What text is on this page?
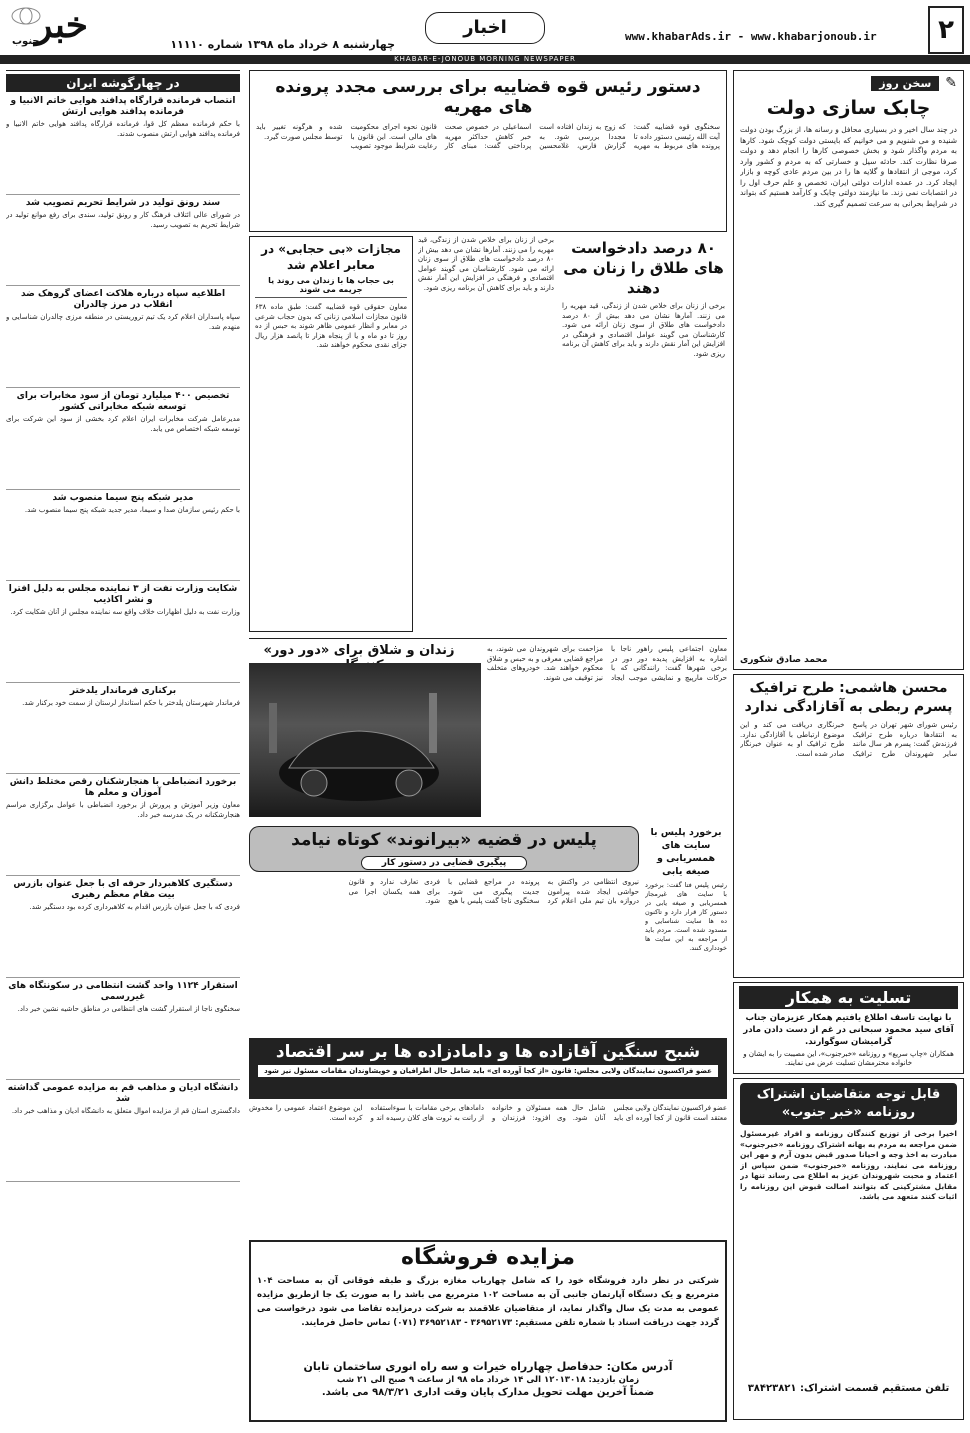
۲
www.khabarAds.ir - www.khabarjonoub.ir
اخبار
چهارشنبه ۸ خرداد ماه ۱۳۹۸ شماره ۱۱۱۱۰
خبر
جنوب
KHABAR-E-JONOUB MORNING NEWSPAPER
✎
سخن روز
چابک سازی دولت
در چند سال اخیر و در بسیاری محافل و رسانه ها، از بزرگ بودن دولت شنیده و می شنویم و می خوانیم که بایستی دولت کوچک شود. کارها به مردم واگذار شود و بخش خصوصی کارها را انجام دهد و دولت صرفا نظارت کند. حادثه سیل و خسارتی که به مردم و کشور وارد کرد، موجی از انتقادها و گلایه ها را در بین مردم عادی کوچه و بازار ایجاد کرد. در عمده ادارات دولتی ایران، تخصص و علم حرف اول را در انتصابات نمی زند. ما نیازمند دولتی چابک و کارآمد هستیم که بتواند در شرایط بحرانی به سرعت تصمیم گیری کند.
محمد صادق شکوری
محسن هاشمی: طرح ترافیک پسرم ربطی به آقازادگی ندارد
رئیس شورای شهر تهران در پاسخ به انتقادها درباره طرح ترافیک فرزندش گفت: پسرم هر سال مانند سایر شهروندان طرح ترافیک خبرنگاری دریافت می کند و این موضوع ارتباطی با آقازادگی ندارد. طرح ترافیک او به عنوان خبرنگار صادر شده است.
تسلیت به همکار
با نهایت تاسف اطلاع یافتیم همکار عزیزمان جناب آقای سید محمود سبحانی در غم از دست دادن مادر گرامیشان سوگوارند.
همکاران «چاپ سریع» و روزنامه «خبرجنوب»، این مصیبت را به ایشان و خانواده محترمشان تسلیت عرض می نمایند.
قابل توجه متقاضیان اشتراک روزنامه «خبر جنوب»
اخیرا برخی از توزیع کنندگان روزنامه و افراد غیرمسئول ضمن مراجعه به مردم به بهانه اشتراک روزنامه «خبرجنوب» مبادرت به اخذ وجه و احیانا صدور قبض بدون آرم و مهر این روزنامه می نمایند. روزنامه «خبرجنوب» ضمن سپاس از اعتماد و محبت شهروندان عزیز به اطلاع می رساند تنها در مقابل مشترکینی که بتوانند اصالت قبوض این روزنامه را اثبات کنند متعهد می باشد.
تلفن مستقیم قسمت اشتراک: ۳۸۴۲۳۸۲۱
در چهارگوشه ایران
انتصاب فرمانده قرارگاه پدافند هوایی خاتم الانبیا و فرمانده پدافند هوایی ارتش
با حکم فرمانده معظم کل قوا، فرمانده قرارگاه پدافند هوایی خاتم الانبیا و فرمانده پدافند هوایی ارتش منصوب شدند.
سند رونق تولید در شرایط تحریم تصویب شد
در شورای عالی ائتلاف فرهنگ کار و رونق تولید، سندی برای رفع موانع تولید در شرایط تحریم به تصویب رسید.
اطلاعیه سپاه درباره هلاکت اعضای گروهک ضد انقلاب در مرز چالدران
سپاه پاسداران اعلام کرد یک تیم تروریستی در منطقه مرزی چالدران شناسایی و منهدم شد.
تخصیص ۴۰۰ میلیارد تومان از سود مخابرات برای توسعه شبکه مخابراتی کشور
مدیرعامل شرکت مخابرات ایران اعلام کرد بخشی از سود این شرکت برای توسعه شبکه اختصاص می یابد.
مدیر شبکه پنج سیما منصوب شد
با حکم رئیس سازمان صدا و سیما، مدیر جدید شبکه پنج سیما منصوب شد.
شکایت وزارت نفت از ۳ نماینده مجلس به دلیل افترا و نشر اکاذیب
وزارت نفت به دلیل اظهارات خلاف واقع سه نماینده مجلس از آنان شکایت کرد.
برکناری فرماندار یلدختر
فرماندار شهرستان پلدختر با حکم استاندار لرستان از سمت خود برکنار شد.
برخورد انضباطی با هنجارشکنان رقص مختلط دانش آموزان و معلم ها
معاون وزیر آموزش و پرورش از برخورد انضباطی با عوامل برگزاری مراسم هنجارشکنانه در یک مدرسه خبر داد.
دستگیری کلاهبردار حرفه ای با جعل عنوان بازرس بیت مقام معظم رهبری
فردی که با جعل عنوان بازرس اقدام به کلاهبرداری کرده بود دستگیر شد.
استقرار ۱۱۲۴ واحد گشت انتظامی در سکونتگاه های غیررسمی
سخنگوی ناجا از استقرار گشت های انتظامی در مناطق حاشیه نشین خبر داد.
دانشگاه ادیان و مذاهب قم به مزایده عمومی گذاشته شد
دادگستری استان قم از مزایده اموال متعلق به دانشگاه ادیان و مذاهب خبر داد.
دستور رئیس قوه قضاییه برای بررسی مجدد پرونده های مهریه
سخنگوی قوه قضاییه گفت: آیت الله رئیسی دستور داده تا پرونده های مربوط به مهریه که زوج به زندان افتاده است مجددا بررسی شود. به گزارش فارس، غلامحسین اسماعیلی در خصوص صحت خبر کاهش حداکثر مهریه پرداختی گفت: مبنای کار قانون نحوه اجرای محکومیت های مالی است. این قانون با رعایت شرایط موجود تصویب شده و هرگونه تغییر باید توسط مجلس صورت گیرد.
۸۰ درصد دادخواست های طلاق را زنان می دهند
برخی از زنان برای خلاص شدن از زندگی، قید مهریه را می زنند. آمارها نشان می دهد بیش از ۸۰ درصد دادخواست های طلاق از سوی زنان ارائه می شود. کارشناسان می گویند عوامل اقتصادی و فرهنگی در افزایش این آمار نقش دارند و باید برای کاهش آن برنامه ریزی شود.
برخی از زنان برای خلاص شدن از زندگی، قید مهریه را می زنند. آمارها نشان می دهد بیش از ۸۰ درصد دادخواست های طلاق از سوی زنان ارائه می شود. کارشناسان می گویند عوامل اقتصادی و فرهنگی در افزایش این آمار نقش دارند و باید برای کاهش آن برنامه ریزی شود.
مجازات «بی حجابی» در معابر اعلام شد
بی حجاب ها با زندان می روند یا جریمه می شوند
معاون حقوقی قوه قضاییه گفت: طبق ماده ۶۳۸ قانون مجازات اسلامی زنانی که بدون حجاب شرعی در معابر و انظار عمومی ظاهر شوند به حبس از ده روز تا دو ماه و یا از پنجاه هزار تا پانصد هزار ریال جزای نقدی محکوم خواهند شد.
زندان و شلاق برای «دور دور»	معاون اجتماعی پلیس راهور ناجا با اشاره به افزایش پدیده دور دور در برخی شهرها گفت: رانندگانی که با حرکات مارپیچ و نمایشی موجب ایجاد مزاحمت برای شهروندان می شوند، به مراجع قضایی معرفی و به حبس و شلاق محکوم خواهند شد. خودروهای متخلف نیز توقیف می شوند.
برخورد پلیس با سایت های همسریابی و صیغه یابی
رئیس پلیس فتا گفت: برخورد با سایت های غیرمجاز همسریابی و صیغه یابی در دستور کار قرار دارد و تاکنون ده ها سایت شناسایی و مسدود شده است. مردم باید از مراجعه به این سایت ها خودداری کنند.
پلیس در قضیه «بیرانوند» کوتاه نیامد
پیگیری قضایی در دستور کار
نیروی انتظامی در واکنش به حواشی ایجاد شده پیرامون دروازه بان تیم ملی اعلام کرد پرونده در مراجع قضایی با جدیت پیگیری می شود. سخنگوی ناجا گفت پلیس با هیچ فردی تعارف ندارد و قانون برای همه یکسان اجرا می شود.
شبح سنگین آقازاده ها و دامادزاده ها بر سر اقتصاد
عضو فراکسیون نمایندگان ولایی مجلس: قانون «از کجا آورده ای» باید شامل حال اطرافیان و خویشاوندان مقامات مسئول نیز شود
عضو فراکسیون نمایندگان ولایی مجلس معتقد است قانون از کجا آورده ای باید شامل حال همه مسئولان و خانواده آنان شود. وی افزود: فرزندان و دامادهای برخی مقامات با سوءاستفاده از رانت به ثروت های کلان رسیده اند و این موضوع اعتماد عمومی را مخدوش کرده است.
مزایده فروشگاه
شرکتی در نظر دارد فروشگاه خود را که شامل چهارباب مغازه بزرگ و طبقه فوقانی آن به مساحت ۱۰۴ مترمربع و یک دستگاه آپارتمان جانبی آن به مساحت ۱۰۲ مترمربع می باشد را به صورت یک جا ازطریق مزایده عمومی به مدت یک سال واگذار نماید، از متقاضیان علاقمند به شرکت درمزایده تقاضا می شود درخواست می گردد جهت دریافت اسناد با شماره تلفن مستقیم: ۳۶۹۵۲۱۷۳ - ۳۶۹۵۲۱۸۳ (۰۷۱) تماس حاصل فرمایند.
آدرس مکان: حدفاصل چهارراه خیرات و سه راه انوری ساختمان تابان
زمان بازدید: ۱۲۰۱۳۰۱۸ الی ۱۴ خرداد ماه ۹۸ از ساعت ۹ صبح الی ۲۱ شب
ضمناً آخرین مهلت تحویل مدارک پایان وقت اداری ۹۸/۳/۲۱ می باشد.
